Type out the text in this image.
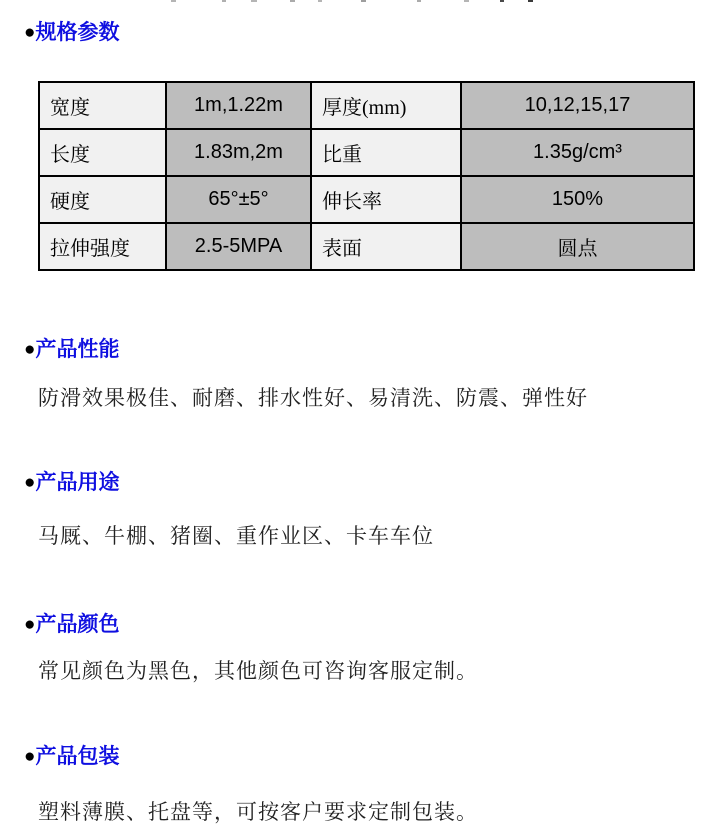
●规格参数
宽度	1m,1.22m	厚度(mm)	10,12,15,17
长度	1.83m,2m	比重	1.35g/cm³
硬度	65°±5°	伸长率	150%
拉伸强度	2.5-5MPA	表面	圆点
●产品性能
防滑效果极佳、耐磨、排水性好、易清洗、防震、弹性好
●产品用途
马厩、牛棚、猪圈、重作业区、卡车车位
●产品颜色
常见颜色为黑色，其他颜色可咨询客服定制。
●产品包装
塑料薄膜、托盘等，可按客户要求定制包装。
